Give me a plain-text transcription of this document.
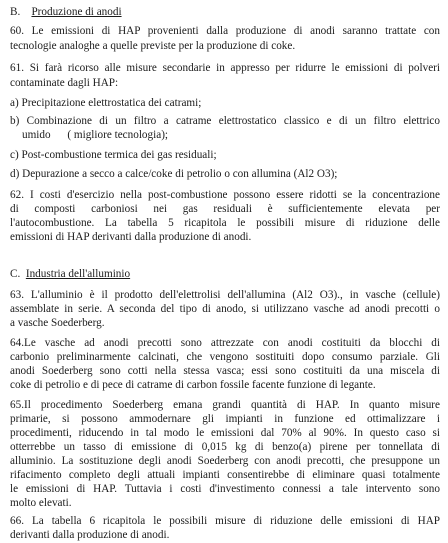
B. Produzione di anodi
60. Le emissioni di HAP provenienti dalla produzione di anodi saranno trattate con
tecnologie analoghe a quelle previste per la produzione di coke.
61. Si farà ricorso alle misure secondarie in appresso per ridurre le emissioni di polveri
contaminate dagli HAP:
a) Precipitazione elettrostatica dei catrami;
b) Combinazione di un filtro a catrame elettrostatico classico e di un filtro elettrico
umido      ( migliore tecnologia);
c) Post-combustione termica dei gas residuali;
d) Depurazione a secco a calce/coke di petrolio o con allumina (Al2 O3);
62. I costi d'esercizio nella post-combustione possono essere ridotti se la concentrazione
di   composti   carboniosi   nei   gas   residuali   è   sufficientemente   elevata   per
l'autocombustione. La tabella 5 ricapitola le possibili misure di riduzione delle
emissioni di HAP derivanti dalla produzione di anodi.
C. Industria dell'alluminio
63. L'alluminio è il prodotto dell'elettrolisi dell'allumina (Al2 O3)., in vasche (cellule)
assemblate in serie. A seconda del tipo di anodo, si utilizzano vasche ad anodi precotti o
a vasche Soederberg.
64.Le vasche ad anodi precotti sono attrezzate con anodi costituiti da blocchi di
carbonio preliminarmente calcinati, che vengono sostituiti dopo consumo parziale. Gli
anodi Soederberg sono cotti nella stessa vasca; essi sono costituiti da una miscela di
coke di petrolio e di pece di catrame di carbon fossile facente funzione di legante.
65.Il procedimento Soederberg emana grandi quantità di HAP. In quanto misure
primarie, si possono ammodernare gli impianti in funzione ed ottimalizzare i
procedimenti, riducendo in tal modo le emissioni dal 70% al 90%. In questo caso si
otterrebbe un tasso di emissione di 0,015 kg di benzo(a) pirene per tonnellata di
alluminio. La sostituzione degli anodi Soederberg con anodi precotti, che presuppone un
rifacimento completo degli attuali impianti consentirebbe di eliminare quasi totalmente
le emissioni di HAP. Tuttavia i costi d'investimento connessi a tale intervento sono
molto elevati.
66. La tabella 6 ricapitola le possibili misure di riduzione delle emissioni di HAP
derivanti dalla produzione di anodi.
